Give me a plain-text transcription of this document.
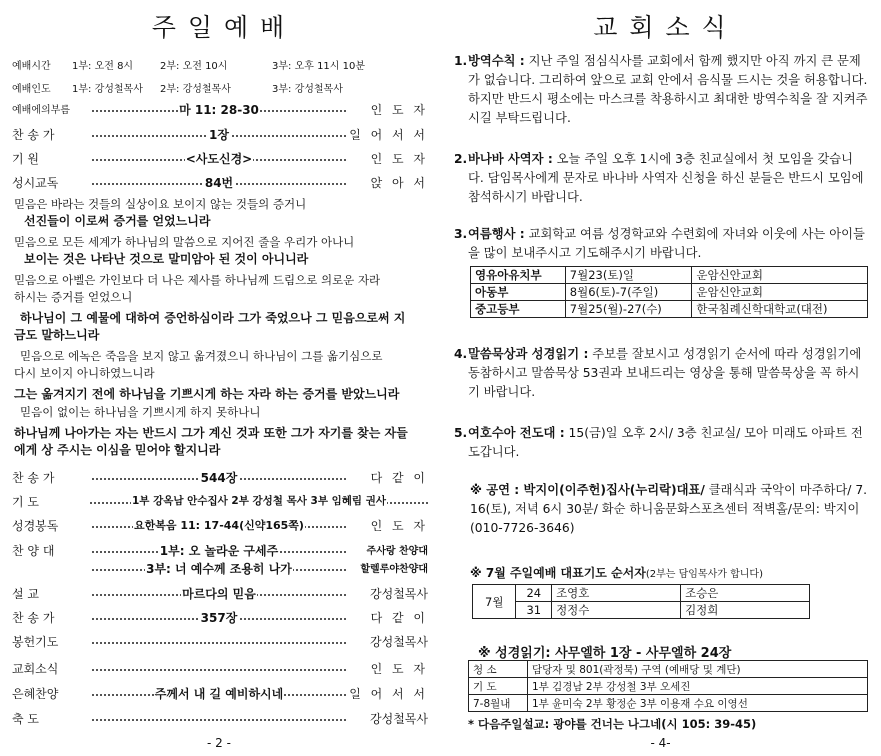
주 일 예 배
예배시간 1부: 오전 8시	2부: 오전 10시	3부: 오후 11시 10분
예배인도 1부: 강성철목사 2부: 강성철목사	3부: 강성철목사
예배에의부름	마 11: 28-30	인 도 자
찬 송 가	1장	일 어 서 서
기 원	<사도신경>	인 도 자
성시교독	84번	앉 아 서
믿음은 바라는 것들의 실상이요 보이지 않는 것들의 증거니
선진들이 이로써 증거를 얻었느니라
믿음으로 모든 세계가 하나님의 말씀으로 지어진 줄을 우리가 아나니
보이는 것은 나타난 것으로 말미암아 된 것이 아니니라
믿음으로 아벨은 가인보다 더 나은 제사를 하나님께 드림으로 의로운 자라
하시는 증거를 얻었으니
하나님이 그 예물에 대하여 증언하심이라 그가 죽었으나 그 믿음으로써 지
금도 말하느니라
믿음으로 에녹은 죽음을 보지 않고 옮겨졌으니 하나님이 그를 옮기심으로
다시 보이지 아니하였느니라
그는 옮겨지기 전에 하나님을 기쁘시게 하는 자라 하는 증거를 받았느니라
믿음이 없이는 하나님을 기쁘시게 하지 못하나니
하나님께 나아가는 자는 반드시 그가 계신 것과 또한 그가 자기를 찾는 자들
에게 상 주시는 이심을 믿어야 할지니라
찬 송 가	544장	다 같 이
기 도	1부 강옥남 안수집사 2부 강성철 목사 3부 임혜림 권사
성경봉독	요한복음 11: 17-44(신약165쪽)	인 도 자
찬 양 대	1부: 오 놀라운 구세주	주사랑 찬양대
3부: 너 예수께 조용히 나가	할렐루야찬양대
설 교	마르다의 믿음	강성철목사
찬 송 가	357장	다 같 이
봉헌기도	강성철목사
교회소식	인 도 자
은혜찬양	주께서 내 길 예비하시네	일 어 서 서
축 도	강성철목사
- 2 -
교 회 소 식
1. 방역수칙 : 지난 주일 점심식사를 교회에서 함께 했지만 아직 까지 큰 문제가 없습니다. 그리하여 앞으로 교회 안에서 음식물 드시는 것을 허용합니다. 하지만 반드시 평소에는 마스크를 착용하시고 최대한 방역수칙을 잘 지켜주시길 부탁드립니다.
2. 바나바 사역자 : 오늘 주일 오후 1시에 3층 친교실에서 첫 모임을 갖습니다. 담임목사에게 문자로 바나바 사역자 신청을 하신 분들은 반드시 모임에 참석하시기 바랍니다.
3. 여름행사 : 교회학교 여름 성경학교와 수련회에 자녀와 이웃에 사는 아이들을 많이 보내주시고 기도해주시기 바랍니다.
영유아유치부	7월23(토)일	운암신안교회
아동부	8월6(토)-7(주일)	운암신안교회
중고등부	7월25(월)-27(수)	한국침례신학대학교(대전)
4. 말씀묵상과 성경읽기 : 주보를 잘보시고 성경읽기 순서에 따라 성경읽기에 동참하시고 말씀묵상 53권과 보내드리는 영상을 통해 말씀묵상을 꼭 하시기 바랍니다.
5. 여호수아 전도대 : 15(금)일 오후 2시/ 3층 친교실/ 모아 미래도 아파트 전도갑니다.
※ 공연 : 박지이(이주헌)집사(누리락)대표/ 클래식과 국악이 마주하다/ 7. 16(토), 저녁 6시 30분/ 화순 하니움문화스포츠센터 적벽홀/문의: 박지이(010-7726-3646)
※ 7월 주일예배 대표기도 순서자(2부는 담임목사가 합니다)
7월	24	조영호	조승은
	31	정정수	김정희
※ 성경읽기: 사무엘하 1장 - 사무엘하 24장
청 소	담당자 및 801(곽정묵) 구역 (예배당 및 계단)
기 도	1부 김경남 2부 강성철 3부 오세진
7-8월내	1부 윤미숙 2부 황정순 3부 이용재 수요 이영선
* 다음주일설교: 광야를 건너는 나그네(시 105: 39-45)
- 4-
